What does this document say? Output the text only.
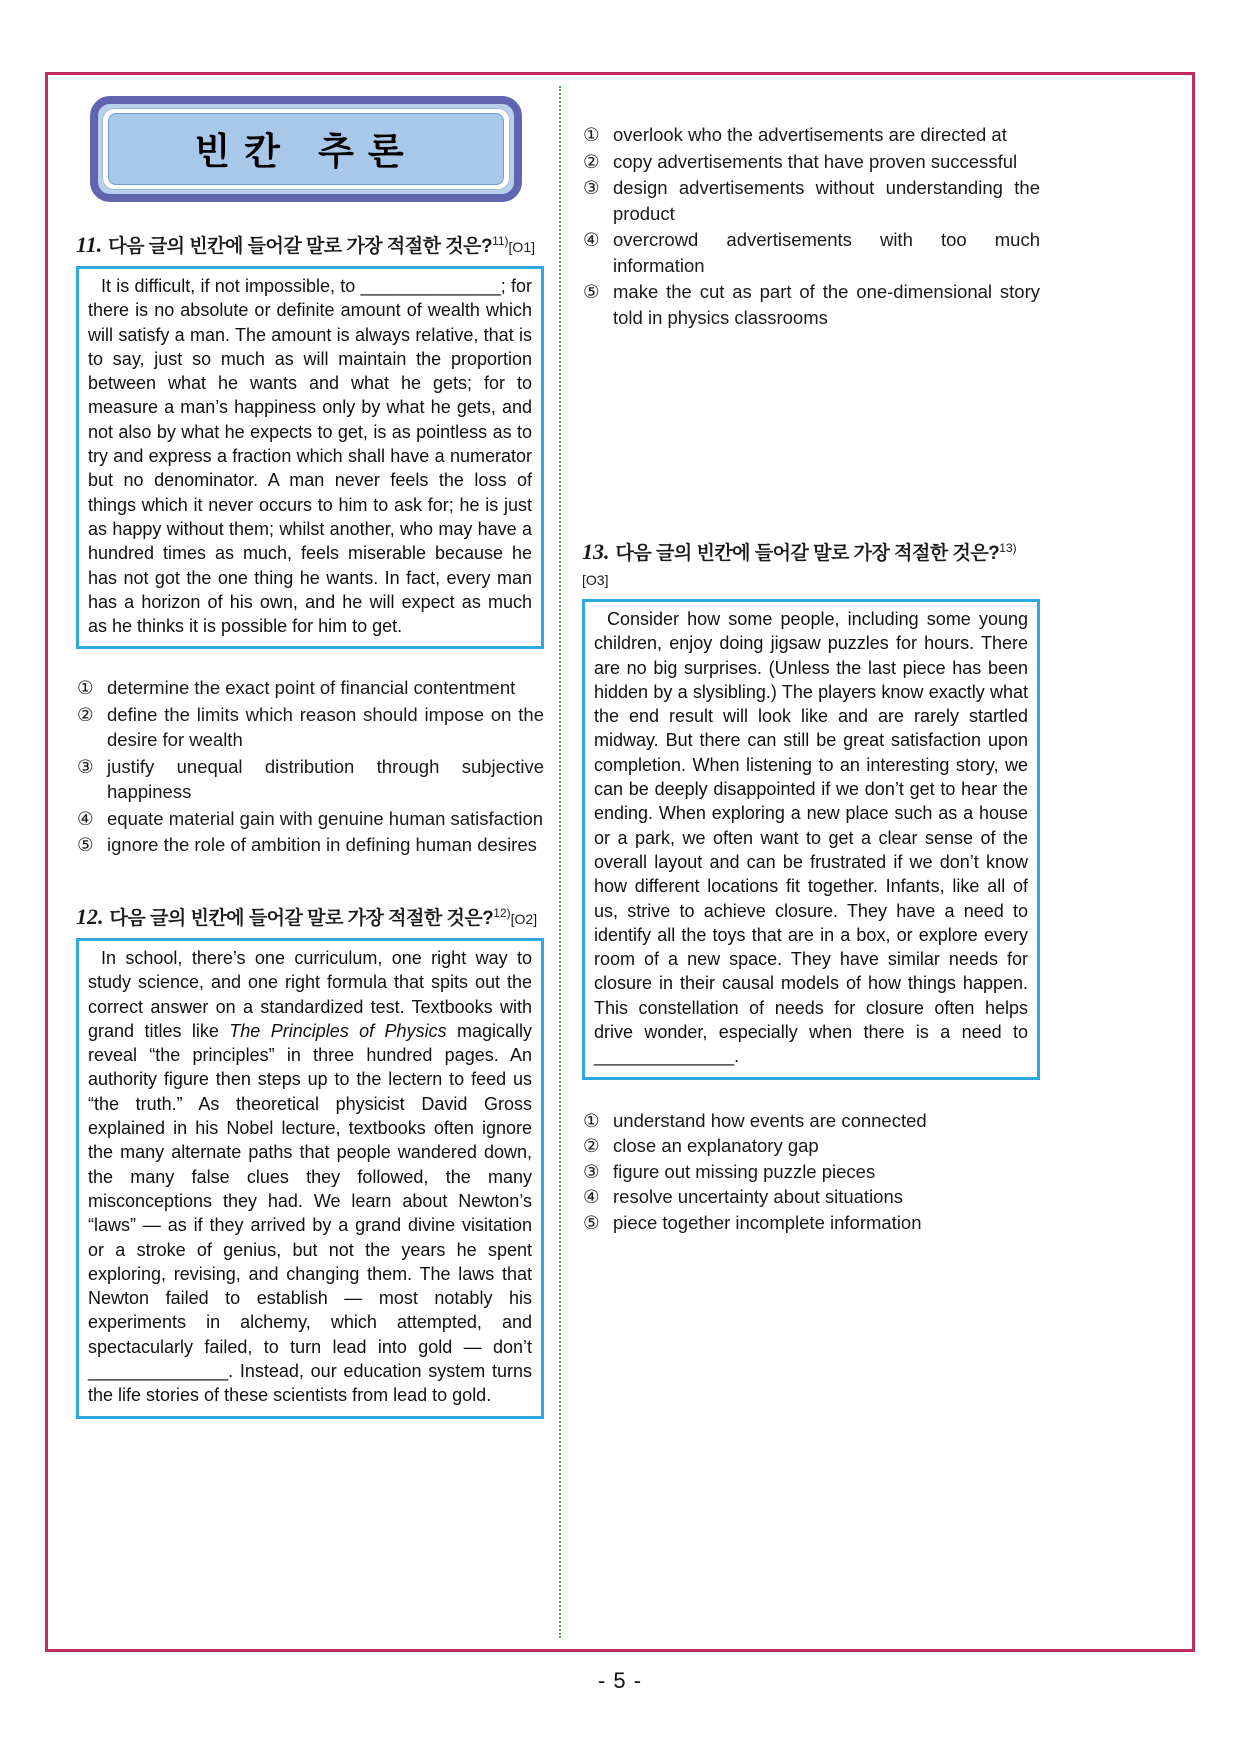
빈칸 추론
11. 다음 글의 빈칸에 들어갈 말로 가장 적절한 것은?$^{11)}$[O1]
It is difficult, if not impossible, to ______________; for there is no absolute or definite amount of wealth which will satisfy a man. The amount is always relative, that is to say, just so much as will maintain the proportion between what he wants and what he gets; for to measure a man’s happiness only by what he gets, and not also by what he expects to get, is as pointless as to try and express a fraction which shall have a numerator but no denominator. A man never feels the loss of things which it never occurs to him to ask for; he is just as happy without them; whilst another, who may have a hundred times as much, feels miserable because he has not got the one thing he wants. In fact, every man has a horizon of his own, and he will expect as much as he thinks it is possible for him to get.
① determine the exact point of financial contentment
② define the limits which reason should impose on the desire for wealth
③ justify unequal distribution through subjective happiness
④ equate material gain with genuine human satisfaction
⑤ ignore the role of ambition in defining human desires
12. 다음 글의 빈칸에 들어갈 말로 가장 적절한 것은?$^{12)}$[O2]
In school, there’s one curriculum, one right way to study science, and one right formula that spits out the correct answer on a standardized test. Textbooks with grand titles like The Principles of Physics magically reveal “the principles” in three hundred pages. An authority figure then steps up to the lectern to feed us “the truth.” As theoretical physicist David Gross explained in his Nobel lecture, textbooks often ignore the many alternate paths that people wandered down, the many false clues they followed, the many misconceptions they had. We learn about Newton’s “laws” — as if they arrived by a grand divine visitation or a stroke of genius, but not the years he spent exploring, revising, and changing them. The laws that Newton failed to establish — most notably his experiments in alchemy, which attempted, and spectacularly failed, to turn lead into gold — don’t ______________. Instead, our education system turns the life stories of these scientists from lead to gold.
① overlook who the advertisements are directed at
② copy advertisements that have proven successful
③ design advertisements without understanding the product
④ overcrowd advertisements with too much information
⑤ make the cut as part of the one-dimensional story told in physics classrooms
13. 다음 글의 빈칸에 들어갈 말로 가장 적절한 것은?$^{13)}$[O3]
Consider how some people, including some young children, enjoy doing jigsaw puzzles for hours. There are no big surprises. (Unless the last piece has been hidden by a slysibling.) The players know exactly what the end result will look like and are rarely startled midway. But there can still be great satisfaction upon completion. When listening to an interesting story, we can be deeply disappointed if we don’t get to hear the ending. When exploring a new place such as a house or a park, we often want to get a clear sense of the overall layout and can be frustrated if we don’t know how different locations fit together. Infants, like all of us, strive to achieve closure. They have a need to identify all the toys that are in a box, or explore every room of a new space. They have similar needs for closure in their causal models of how things happen. This constellation of needs for closure often helps drive wonder, especially when there is a need to ______________.
① understand how events are connected
② close an explanatory gap
③ figure out missing puzzle pieces
④ resolve uncertainty about situations
⑤ piece together incomplete information
- 5 -
